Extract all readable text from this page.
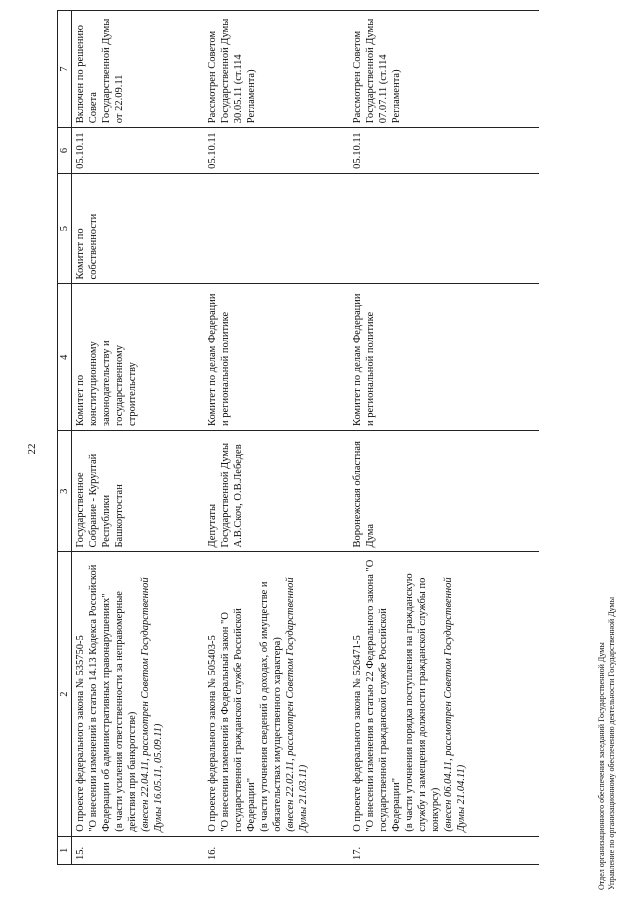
22
1	2	3	4	5	6	7
15.	О проекте федерального закона № 535750-5 "О внесении изменений в статью 14.13 Кодекса Российской Федерации об административных правонарушениях" (в части усиления ответственности за неправомерные действия при банкротстве) (внесен 22.04.11, рассмотрен Советом Государственной Думы 16.05.11, 05.09.11)	Государственное Собрание - Курултай Республики Башкортостан	Комитет по конституционному законодательству и государственному строительству	Комитет по собственности	05.10.11	Включен по решению Совета Государственной Думы от 22.09.11
16.	О проекте федерального закона № 505403-5 "О внесении изменений в Федеральный закон "О государственной гражданской службе Российской Федерации" (в части уточнения сведений о доходах, об имуществе и обязательствах имущественного характера) (внесен 22.02.11, рассмотрен Советом Государственной Думы 21.03.11)	Депутаты Государственной Думы А.В.Скоч, О.В.Лебедев	Комитет по делам Федерации и региональной политике		05.10.11	Рассмотрен Советом Государственной Думы 30.05.11 (ст.114 Регламента)
17.	О проекте федерального закона № 526471-5 "О внесении изменения в статью 22 Федерального закона "О государственной гражданской службе Российской Федерации" (в части уточнения порядка поступления на гражданскую службу и замещения должности гражданской службы по конкурсу) (внесен 06.04.11, рассмотрен Советом Государственной Думы 21.04.11)	Воронежская областная Дума	Комитет по делам Федерации и региональной политике		05.10.11	Рассмотрен Советом Государственной Думы 07.07.11 (ст.114 Регламента)
Отдел организационного обеспечения заседаний Государственной Думы Управление по организационному обеспечению деятельности Государственной Думы
